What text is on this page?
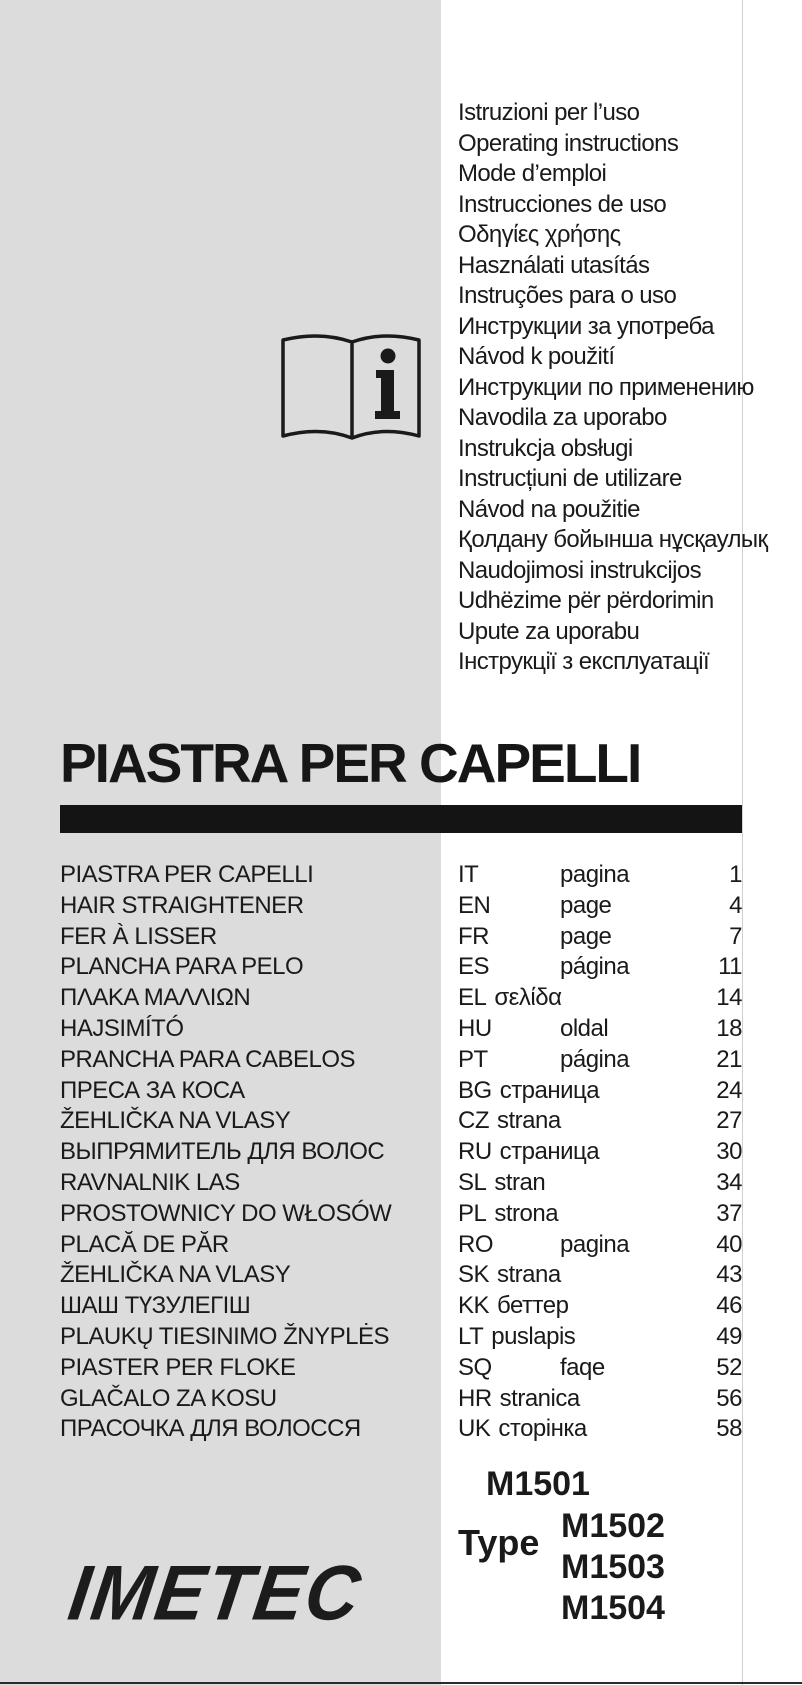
Istruzioni per l’uso
Operating instructions
Mode d’emploi
Instrucciones de uso
Οδηγίες χρήσης
Használati utasítás
Instruções para o uso
Инструкции за употреба
Návod k použití
Инструкции по применению
Navodila za uporabo
Instrukcja obsługi
Instrucțiuni de utilizare
Návod na použitie
Қолдану бойынша нұсқаулық
Naudojimosi instrukcijos
Udhëzime për përdorimin
Upute za uporabu
Інструкції з експлуатації
PIASTRA PER CAPELLI
PIASTRA PER CAPELLI	IT	pagina	1
HAIR STRAIGHTENER	EN	page	4
FER À LISSER	FR	page	7
PLANCHA PARA PELO	ES	página	11
ΠΛΑΚΑ ΜΑΛΛΙΩΝ	EL σελίδα	14
HAJSIMÍTÓ	HU	oldal	18
PRANCHA PARA CABELOS	PT	página	21
ПРЕСА ЗА КОСА	BG страница	24
ŽEHLIČKA NA VLASY	CZ strana	27
ВЫПРЯМИТЕЛЬ ДЛЯ ВОЛОС	RU страница	30
RAVNALNIK LAS	SL stran	34
PROSTOWNICY DO WŁOSÓW	PL strona	37
PLACĂ DE PĂR	RO	pagina	40
ŽEHLIČKA NA VLASY	SK strana	43
ШАШ ТҮЗУЛЕГІШ	KK беттер	46
PLAUKŲ TIESINIMO ŽNYPLĖS	LT puslapis	49
PIASTER PER FLOKE	SQ	faqe	52
GLAČALO ZA KOSU	HR stranica	56
ПРАСОЧКА ДЛЯ ВОЛОССЯ	UK сторінка	58
Type
M1501
M1502
M1503
M1504
IMETEC
